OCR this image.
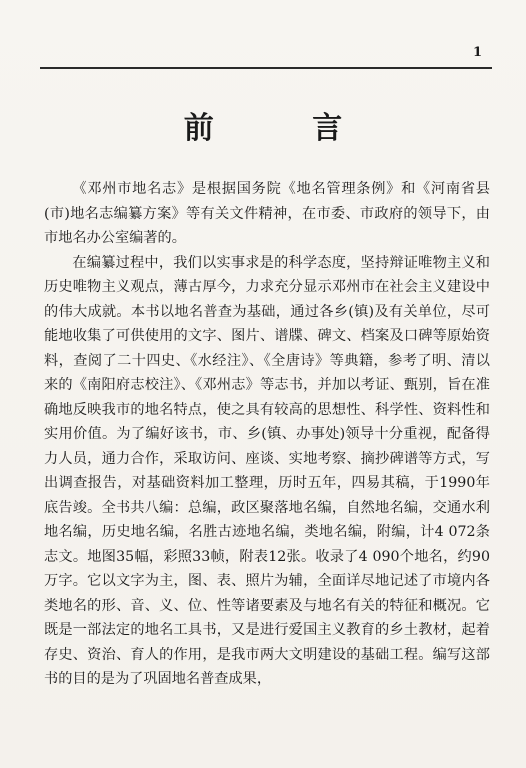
1
前 言

《邓州市地名志》是根据国务院《地名管理条例》和《河南省县(市)地名志编纂方案》等有关文件精神，在市委、市政府的领导下，由市地名办公室编著的。

在编纂过程中，我们以实事求是的科学态度，坚持辩证唯物主义和历史唯物主义观点，薄古厚今，力求充分显示邓州市在社会主义建设中的伟大成就。本书以地名普查为基础，通过各乡(镇)及有关单位，尽可能地收集了可供使用的文字、图片、谱牒、碑文、档案及口碑等原始资料，查阅了二十四史、《水经注》、《全唐诗》等典籍，参考了明、清以来的《南阳府志校注》、《邓州志》等志书，并加以考证、甄别，旨在准确地反映我市的地名特点，使之具有较高的思想性、科学性、资料性和实用价值。为了编好该书，市、乡(镇、办事处)领导十分重视，配备得力人员，通力合作，采取访问、座谈、实地考察、摘抄碑谱等方式，写出调查报告，对基础资料加工整理，历时五年，四易其稿，于1990年底告竣。全书共八编：总编，政区聚落地名编，自然地名编，交通水利地名编，历史地名编，名胜古迹地名编，类地名编，附编，计4 072条志文。地图35幅，彩照33帧，附表12张。收录了4 090个地名，约90万字。它以文字为主，图、表、照片为辅，全面详尽地记述了市境内各类地名的形、音、义、位、性等诸要素及与地名有关的特征和概况。它既是一部法定的地名工具书，又是进行爱国主义教育的乡土教材，起着存史、资治、育人的作用，是我市两大文明建设的基础工程。编写这部书的目的是为了巩固地名普查成果，
